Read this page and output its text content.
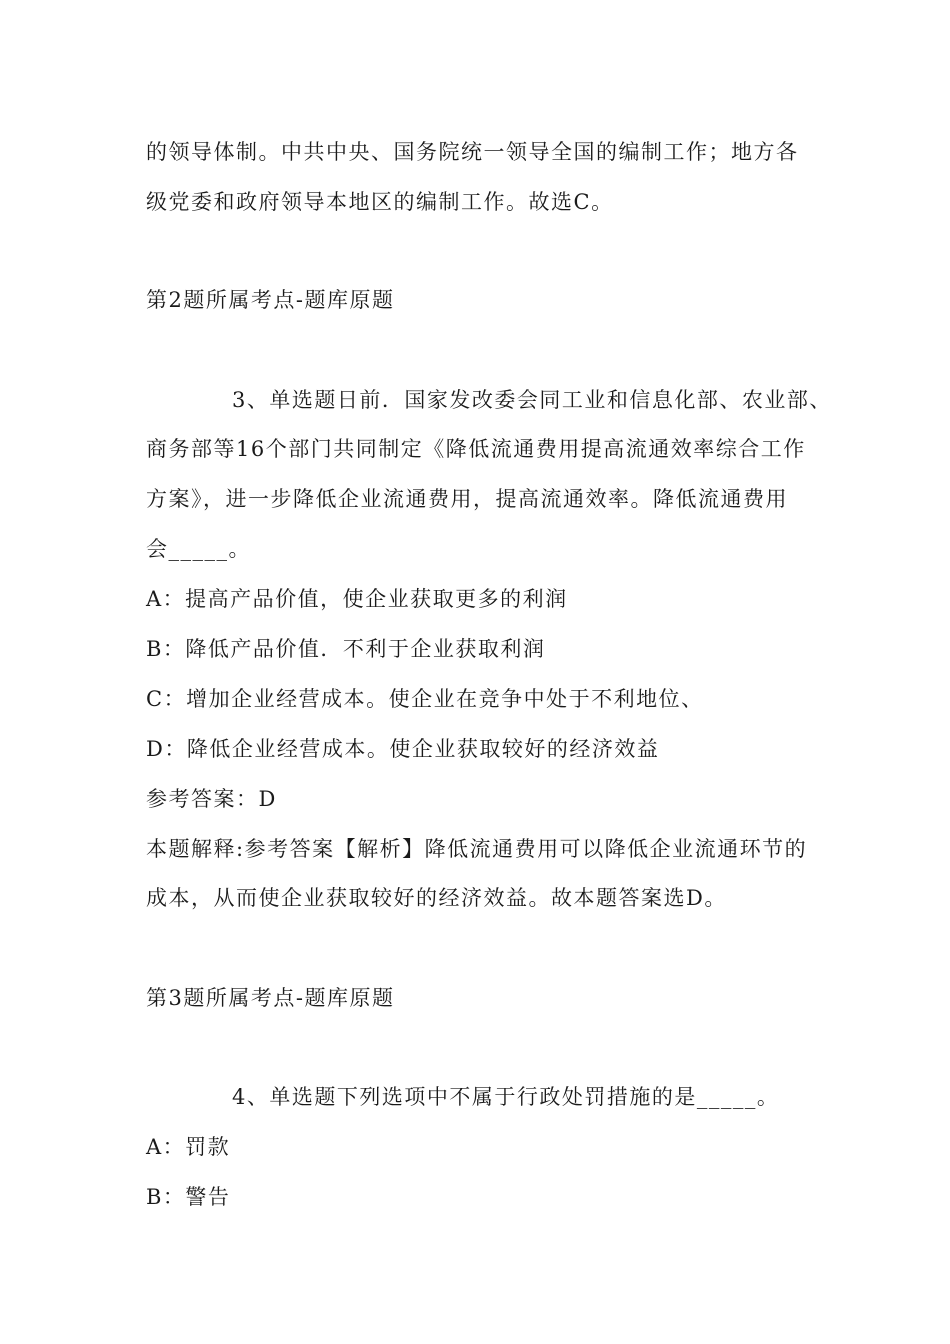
的领导体制。中共中央、国务院统一领导全国的编制工作；地方各
级党委和政府领导本地区的编制工作。故选C。
第2题所属考点-题库原题
3、单选题日前．国家发改委会同工业和信息化部、农业部、
商务部等16个部门共同制定《降低流通费用提高流通效率综合工作
方案》，进一步降低企业流通费用，提高流通效率。降低流通费用
会_____。
A：提高产品价值，使企业获取更多的利润
B：降低产品价值．不利于企业获取利润
C：增加企业经营成本。使企业在竞争中处于不利地位、
D：降低企业经营成本。使企业获取较好的经济效益
参考答案：D
本题解释:参考答案【解析】降低流通费用可以降低企业流通环节的
成本，从而使企业获取较好的经济效益。故本题答案选D。
第3题所属考点-题库原题
4、单选题下列选项中不属于行政处罚措施的是_____。
A：罚款
B：警告
